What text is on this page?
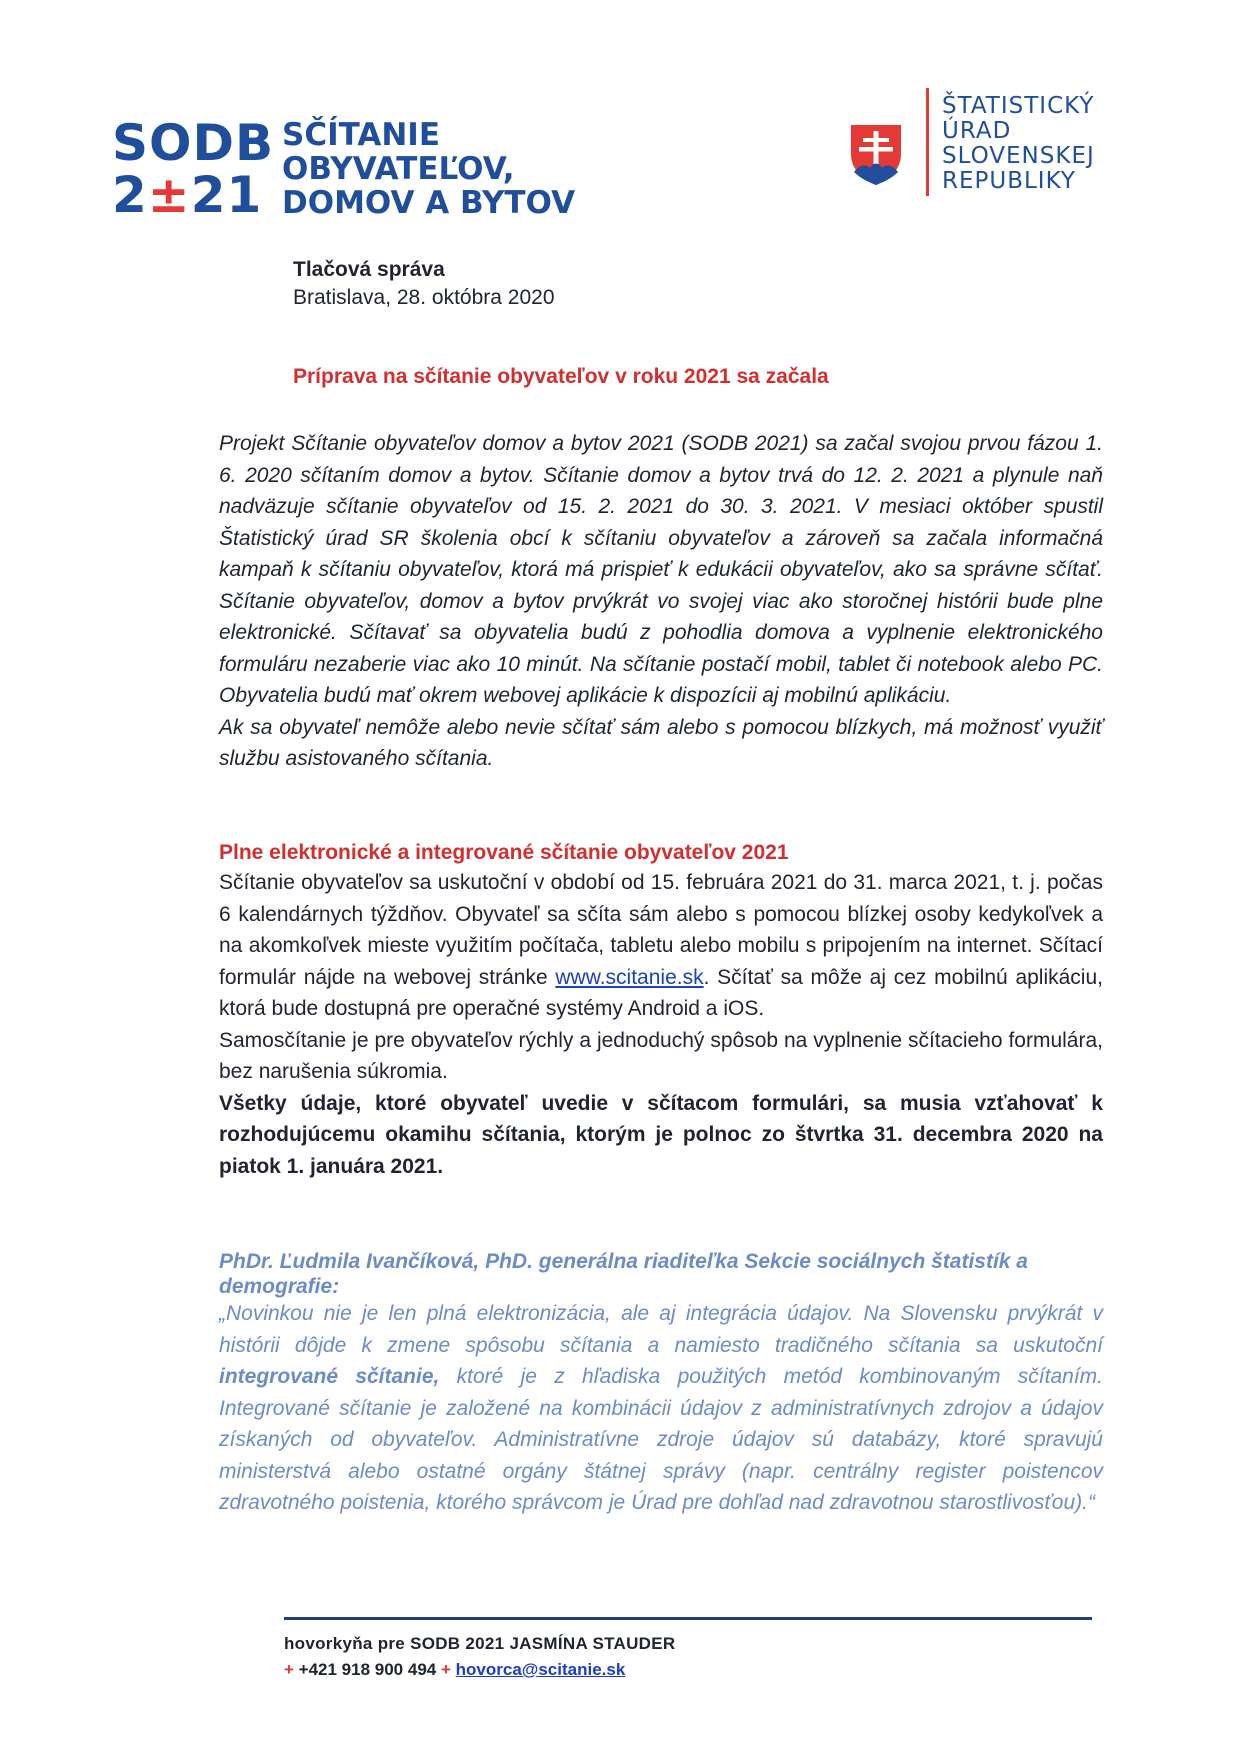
SODB
2±21
SČÍTANIE
OBYVATEĽOV,
DOMOV A BYTOV
ŠTATISTICKÝ
ÚRAD
SLOVENSKEJ
REPUBLIKY
Tlačová správa
Bratislava, 28. októbra 2020
Príprava na sčítanie obyvateľov v roku 2021 sa začala

Projekt Sčítanie obyvateľov domov a bytov 2021 (SODB 2021) sa začal svojou prvou fázou 1. 6. 2020 sčítaním domov a bytov. Sčítanie domov a bytov trvá do 12. 2. 2021 a plynule naň nadväzuje sčítanie obyvateľov od 15. 2. 2021 do 30. 3. 2021. V mesiaci október spustil Štatistický úrad SR školenia obcí k sčítaniu obyvateľov a zároveň sa začala informačná kampaň k sčítaniu obyvateľov, ktorá má prispieť k edukácii obyvateľov, ako sa správne sčítať. Sčítanie obyvateľov, domov a bytov prvýkrát vo svojej viac ako storočnej histórii bude plne elektronické. Sčítavať sa obyvatelia budú z pohodlia domova a vyplnenie elektronického formuláru nezaberie viac ako 10 minút. Na sčítanie postačí mobil, tablet či notebook alebo PC. Obyvatelia budú mať okrem webovej aplikácie k dispozícii aj mobilnú aplikáciu.

Ak sa obyvateľ nemôže alebo nevie sčítať sám alebo s pomocou blízkych, má možnosť využiť službu asistovaného sčítania.

Plne elektronické a integrované sčítanie obyvateľov 2021

Sčítanie obyvateľov sa uskutoční v období od 15. februára 2021 do 31. marca 2021, t. j. počas 6 kalendárnych týždňov. Obyvateľ sa sčíta sám alebo s pomocou blízkej osoby kedykoľvek a na akomkoľvek mieste využitím počítača, tabletu alebo mobilu s pripojením na internet. Sčítací formulár nájde na webovej stránke www.scitanie.sk. Sčítať sa môže aj cez mobilnú aplikáciu, ktorá bude dostupná pre operačné systémy Android a iOS.

Samosčítanie je pre obyvateľov rýchly a jednoduchý spôsob na vyplnenie sčítacieho formulára, bez narušenia súkromia.

Všetky údaje, ktoré obyvateľ uvedie v sčítacom formulári, sa musia vzťahovať k rozhodujúcemu okamihu sčítania, ktorým je polnoc zo štvrtka 31. decembra 2020 na piatok 1. januára 2021.

PhDr. Ľudmila Ivančíková, PhD. generálna riaditeľka Sekcie sociálnych štatistík a demografie:

„Novinkou nie je len plná elektronizácia, ale aj integrácia údajov. Na Slovensku prvýkrát v histórii dôjde k zmene spôsobu sčítania a namiesto tradičného sčítania sa uskutoční integrované sčítanie, ktoré je z hľadiska použitých metód kombinovaným sčítaním. Integrované sčítanie je založené na kombinácii údajov z administratívnych zdrojov a údajov získaných od obyvateľov. Administratívne zdroje údajov sú databázy, ktoré spravujú ministerstvá alebo ostatné orgány štátnej správy (napr. centrálny register poistencov zdravotného poistenia, ktorého správcom je Úrad pre dohľad nad zdravotnou starostlivosťou).“

hovorkyňa pre SODB 2021 JASMÍNA STAUDER
+ +421 918 900 494 + hovorca@scitanie.sk
